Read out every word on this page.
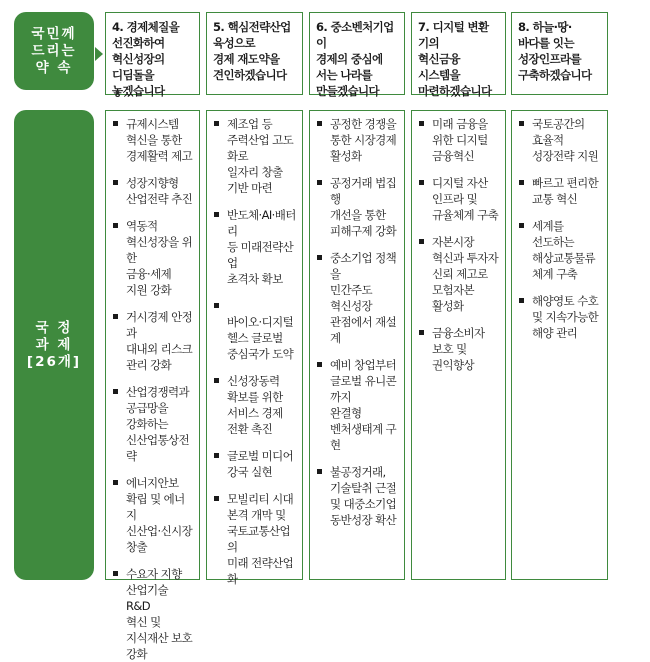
국민께
드리는
약 속
국 정
과 제
[26개]
4. 경제체질을
선진화하여
혁신성장의
디딤돌을
놓겠습니다
5. 핵심전략산업
육성으로
경제 재도약을
견인하겠습니다
6. 중소벤처기업이
경제의 중심에
서는 나라를
만들겠습니다
7. 디지털 변환기의
혁신금융
시스템을
마련하겠습니다
8. 하늘·땅·
바다를 잇는
성장인프라를
구축하겠습니다
규제시스템
혁신을 통한
경제활력 제고
성장지향형
산업전략 추진
역동적
혁신성장을 위한
금융·세제
지원 강화
거시경제 안정과
대내외 리스크
관리 강화
산업경쟁력과
공급망을
강화하는
신산업통상전략
에너지안보
확립 및 에너지
신산업·신시장
창출
수요자 지향
산업기술 R&D
혁신 및
지식재산 보호
강화
제조업 등
주력산업 고도화로
일자리 창출
기반 마련
반도체·AI·배터리
등 미래전략산업
초격차 확보

바이오·디지털
헬스 글로벌
중심국가 도약
신성장동력
확보를 위한
서비스 경제
전환 촉진
글로벌 미디어
강국 실현
모빌리티 시대
본격 개막 및
국토교통산업의
미래 전략산업화
공정한 경쟁을
통한 시장경제
활성화
공정거래 법집행
개선을 통한
피해구제 강화
중소기업 정책을
민간주도
혁신성장
관점에서 재설계
예비 창업부터
글로벌 유니콘까지
완결형
벤처생태계 구현
불공정거래,
기술탈취 근절
및 대중소기업
동반성장 확산
미래 금융을
위한 디지털
금융혁신
디지털 자산
인프라 및
규율체계 구축
자본시장
혁신과 투자자
신뢰 제고로
모험자본
활성화
금융소비자
보호 및
권익향상
국토공간의
효율적
성장전략 지원
빠르고 편리한
교통 혁신
세계를
선도하는
해상교통물류
체계 구축
해양영토 수호
및 지속가능한
해양 관리
